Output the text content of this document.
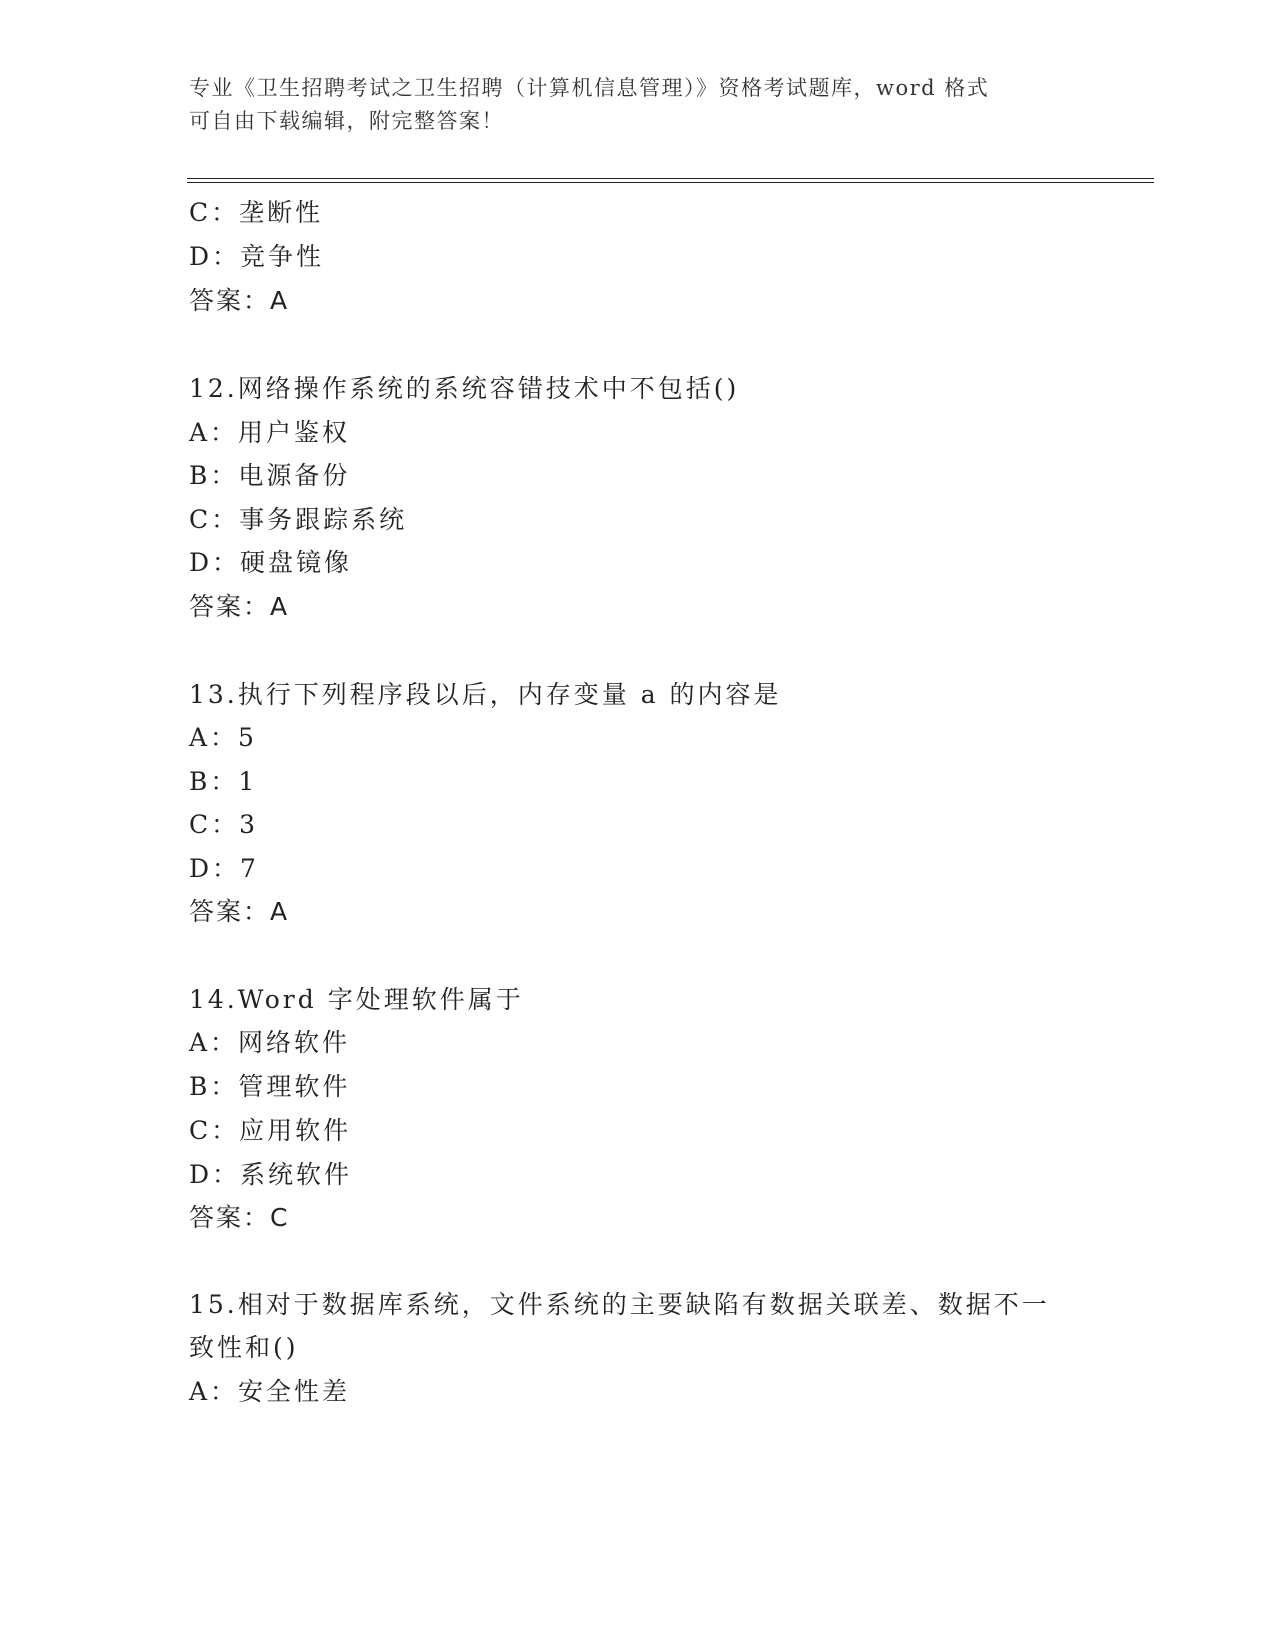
专业《卫生招聘考试之卫生招聘（计算机信息管理）》资格考试题库，word 格式
可自由下载编辑，附完整答案！
C：垄断性
D：竞争性
答案：A
12.网络操作系统的系统容错技术中不包括()
A：用户鉴权
B：电源备份
C：事务跟踪系统
D：硬盘镜像
答案：A
13.执行下列程序段以后，内存变量 a 的内容是
A：5
B：1
C：3
D：7
答案：A
14.Word 字处理软件属于
A：网络软件
B：管理软件
C：应用软件
D：系统软件
答案：C
15.相对于数据库系统，文件系统的主要缺陷有数据关联差、数据不一
致性和()
A：安全性差
